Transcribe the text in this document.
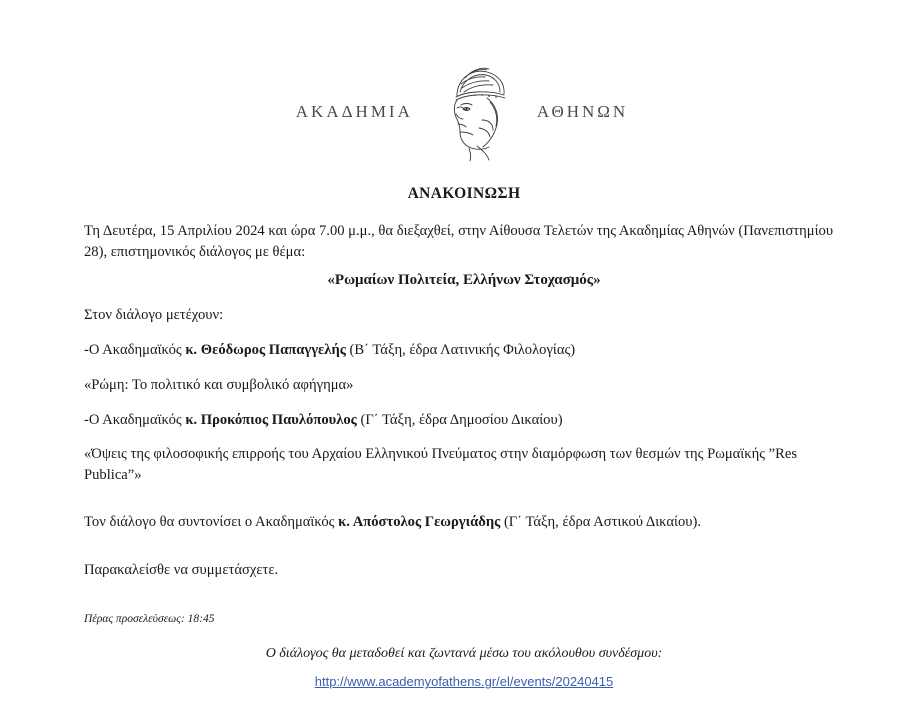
ΑΚΑΔΗΜΙΑ	ΑΘΗΝΩΝ
ΑΝΑΚΟΙΝΩΣΗ

Τη Δευτέρα, 15 Απριλίου 2024 και ώρα 7.00 μ.μ., θα διεξαχθεί, στην Αίθουσα Τελετών της Ακαδημίας Αθηνών (Πανεπιστημίου 28), επιστημονικός διάλογος με θέμα:

«Ρωμαίων Πολιτεία, Ελλήνων Στοχασμός»

Στον διάλογο μετέχουν:

-Ο Ακαδημαϊκός κ. Θεόδωρος Παπαγγελής (Β΄ Τάξη, έδρα Λατινικής Φιλολογίας)

«Ρώμη: Το πολιτικό και συμβολικό αφήγημα»

-Ο Ακαδημαϊκός κ. Προκόπιος Παυλόπουλος (Γ΄ Τάξη, έδρα Δημοσίου Δικαίου)

«Όψεις της φιλοσοφικής επιρροής του Αρχαίου Ελληνικού Πνεύματος στην διαμόρφωση των θεσμών της Ρωμαϊκής ”Res Publica”»

Τον διάλογο θα συντονίσει ο Ακαδημαϊκός κ. Απόστολος Γεωργιάδης (Γ΄ Τάξη, έδρα Αστικού Δικαίου).

Παρακαλείσθε να συμμετάσχετε.

Πέρας προσελεύσεως: 18:45

Ο διάλογος θα μεταδοθεί και ζωντανά μέσω του ακόλουθου συνδέσμου:

http://www.academyofathens.gr/el/events/20240415
